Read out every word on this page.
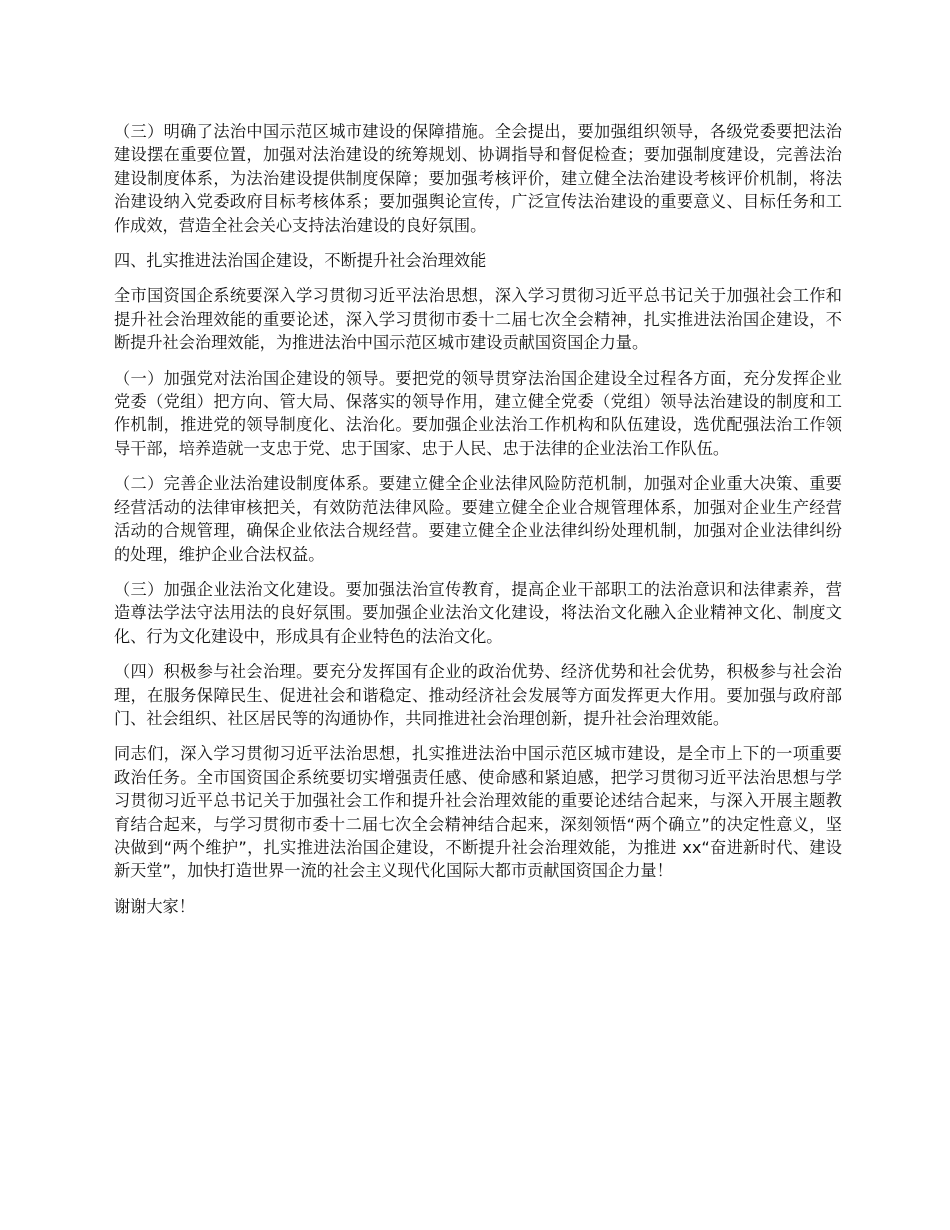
（三）明确了法治中国示范区城市建设的保障措施。全会提出，要加强组织领导，各级党委要把法治建设摆在重要位置，加强对法治建设的统筹规划、协调指导和督促检查；要加强制度建设，完善法治建设制度体系，为法治建设提供制度保障；要加强考核评价，建立健全法治建设考核评价机制，将法治建设纳入党委政府目标考核体系；要加强舆论宣传，广泛宣传法治建设的重要意义、目标任务和工作成效，营造全社会关心支持法治建设的良好氛围。

四、扎实推进法治国企建设，不断提升社会治理效能

全市国资国企系统要深入学习贯彻习近平法治思想，深入学习贯彻习近平总书记关于加强社会工作和提升社会治理效能的重要论述，深入学习贯彻市委十二届七次全会精神，扎实推进法治国企建设，不断提升社会治理效能，为推进法治中国示范区城市建设贡献国资国企力量。

（一）加强党对法治国企建设的领导。要把党的领导贯穿法治国企建设全过程各方面，充分发挥企业党委（党组）把方向、管大局、保落实的领导作用，建立健全党委（党组）领导法治建设的制度和工作机制，推进党的领导制度化、法治化。要加强企业法治工作机构和队伍建设，选优配强法治工作领导干部，培养造就一支忠于党、忠于国家、忠于人民、忠于法律的企业法治工作队伍。

（二）完善企业法治建设制度体系。要建立健全企业法律风险防范机制，加强对企业重大决策、重要经营活动的法律审核把关，有效防范法律风险。要建立健全企业合规管理体系，加强对企业生产经营活动的合规管理，确保企业依法合规经营。要建立健全企业法律纠纷处理机制，加强对企业法律纠纷的处理，维护企业合法权益。

（三）加强企业法治文化建设。要加强法治宣传教育，提高企业干部职工的法治意识和法律素养，营造尊法学法守法用法的良好氛围。要加强企业法治文化建设，将法治文化融入企业精神文化、制度文化、行为文化建设中，形成具有企业特色的法治文化。

（四）积极参与社会治理。要充分发挥国有企业的政治优势、经济优势和社会优势，积极参与社会治理，在服务保障民生、促进社会和谐稳定、推动经济社会发展等方面发挥更大作用。要加强与政府部门、社会组织、社区居民等的沟通协作，共同推进社会治理创新，提升社会治理效能。

同志们，深入学习贯彻习近平法治思想，扎实推进法治中国示范区城市建设，是全市上下的一项重要政治任务。全市国资国企系统要切实增强责任感、使命感和紧迫感，把学习贯彻习近平法治思想与学习贯彻习近平总书记关于加强社会工作和提升社会治理效能的重要论述结合起来，与深入开展主题教育结合起来，与学习贯彻市委十二届七次全会精神结合起来，深刻领悟“两个确立”的决定性意义，坚决做到“两个维护”，扎实推进法治国企建设，不断提升社会治理效能，为推进 xx“奋进新时代、建设新天堂”，加快打造世界一流的社会主义现代化国际大都市贡献国资国企力量！

谢谢大家！
